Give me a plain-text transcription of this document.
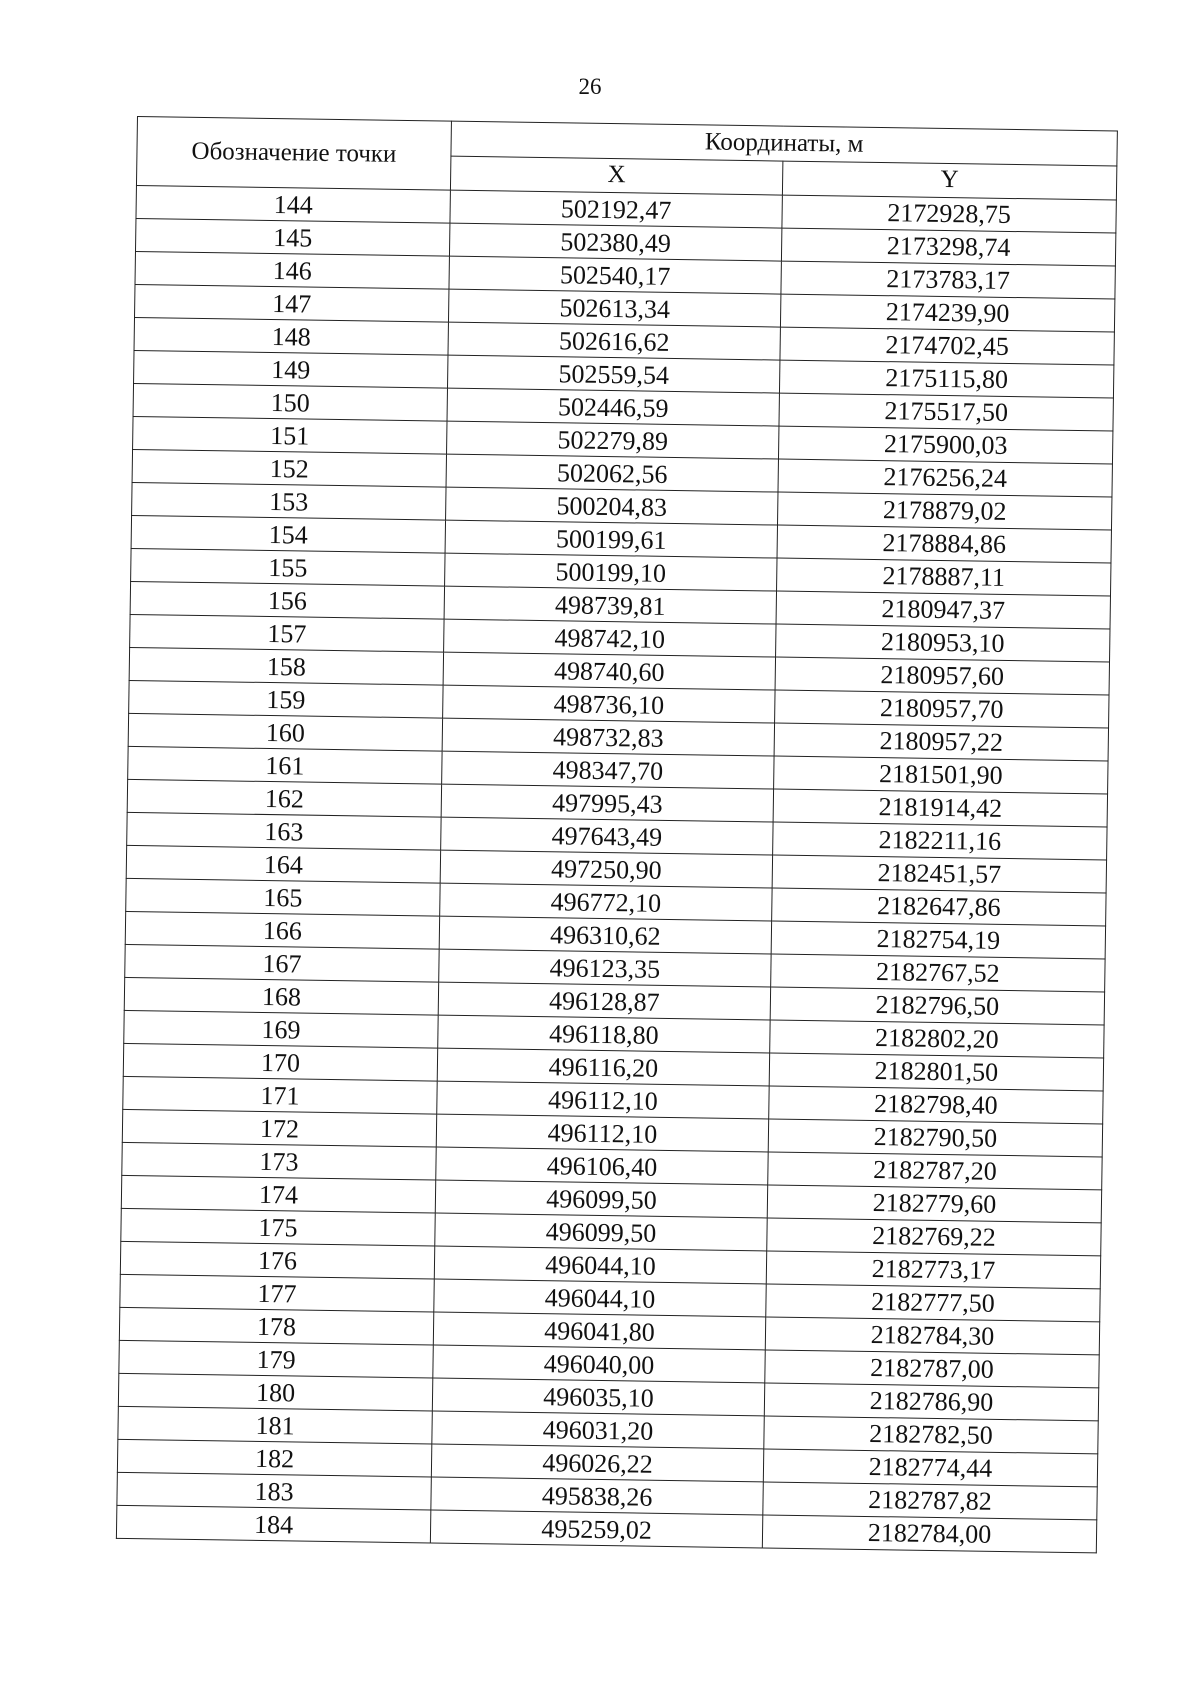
26
Обозначение точки	Координаты, м	
	X	Y
144	502192,47	2172928,75
145	502380,49	2173298,74
146	502540,17	2173783,17
147	502613,34	2174239,90
148	502616,62	2174702,45
149	502559,54	2175115,80
150	502446,59	2175517,50
151	502279,89	2175900,03
152	502062,56	2176256,24
153	500204,83	2178879,02
154	500199,61	2178884,86
155	500199,10	2178887,11
156	498739,81	2180947,37
157	498742,10	2180953,10
158	498740,60	2180957,60
159	498736,10	2180957,70
160	498732,83	2180957,22
161	498347,70	2181501,90
162	497995,43	2181914,42
163	497643,49	2182211,16
164	497250,90	2182451,57
165	496772,10	2182647,86
166	496310,62	2182754,19
167	496123,35	2182767,52
168	496128,87	2182796,50
169	496118,80	2182802,20
170	496116,20	2182801,50
171	496112,10	2182798,40
172	496112,10	2182790,50
173	496106,40	2182787,20
174	496099,50	2182779,60
175	496099,50	2182769,22
176	496044,10	2182773,17
177	496044,10	2182777,50
178	496041,80	2182784,30
179	496040,00	2182787,00
180	496035,10	2182786,90
181	496031,20	2182782,50
182	496026,22	2182774,44
183	495838,26	2182787,82
184	495259,02	2182784,00
